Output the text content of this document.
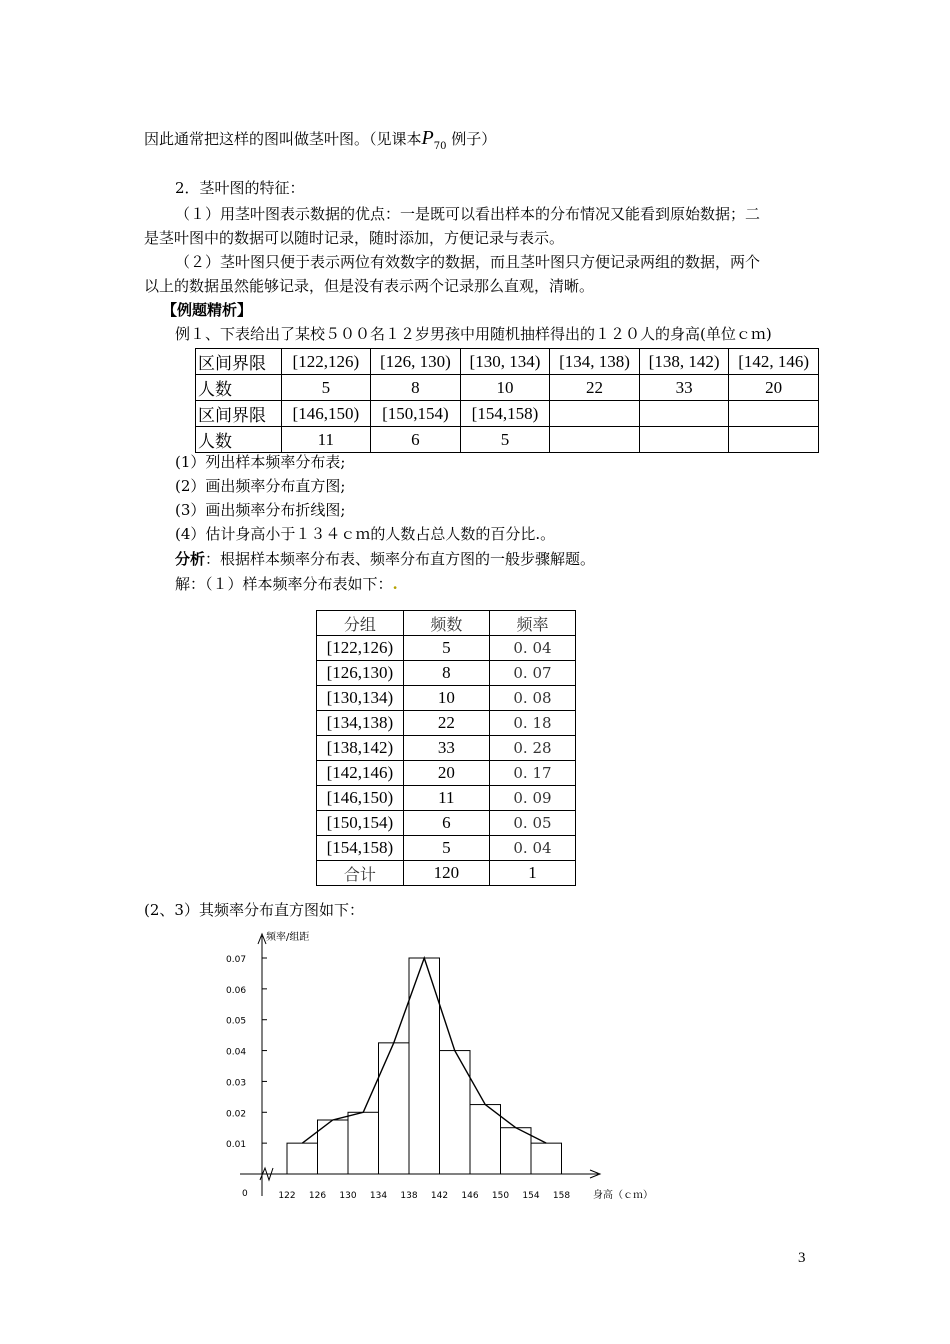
因此通常把这样的图叫做茎叶图。（见课本$P_{70}$ 例子）
2．茎叶图的特征：
（１）用茎叶图表示数据的优点：一是既可以看出样本的分布情况又能看到原始数据；二
是茎叶图中的数据可以随时记录，随时添加，方便记录与表示。
（２）茎叶图只便于表示两位有效数字的数据，而且茎叶图只方便记录两组的数据，两个
以上的数据虽然能够记录，但是没有表示两个记录那么直观，清晰。
【例题精析】
例１、下表给出了某校５００名１２岁男孩中用随机抽样得出的１２０人的身高(单位ｃｍ)
区间界限	[122,126)	[126, 130)	[130, 134)	[134, 138)	[138, 142)	[142, 146)
人数	5	8	10	22	33	20
区间界限	[146,150)	[150,154)	[154,158)			
人数	11	6	5			
(1）列出样本频率分布表;
(2）画出频率分布直方图;
(3）画出频率分布折线图;
(4）估计身高小于１３４ｃｍ的人数占总人数的百分比.。
分析：根据样本频率分布表、频率分布直方图的一般步骤解题。
解：（１）样本频率分布表如下：.
分组	频数	频率
[122,126)	5	0. 04
[126,130)	8	0. 07
[130,134)	10	0. 08
[134,138)	22	0. 18
[138,142)	33	0. 28
[142,146)	20	0. 17
[146,150)	11	0. 09
[150,154)	6	0. 05
[154,158)	5	0. 04
合计	120	1
(2、3）其频率分布直方图如下：
0
0.01
0.02
0.03
0.04
0.05
0.06
0.07
122 126 130 134 138 142 146 150 154 158
频率/组距
身高（ｃｍ）
3
